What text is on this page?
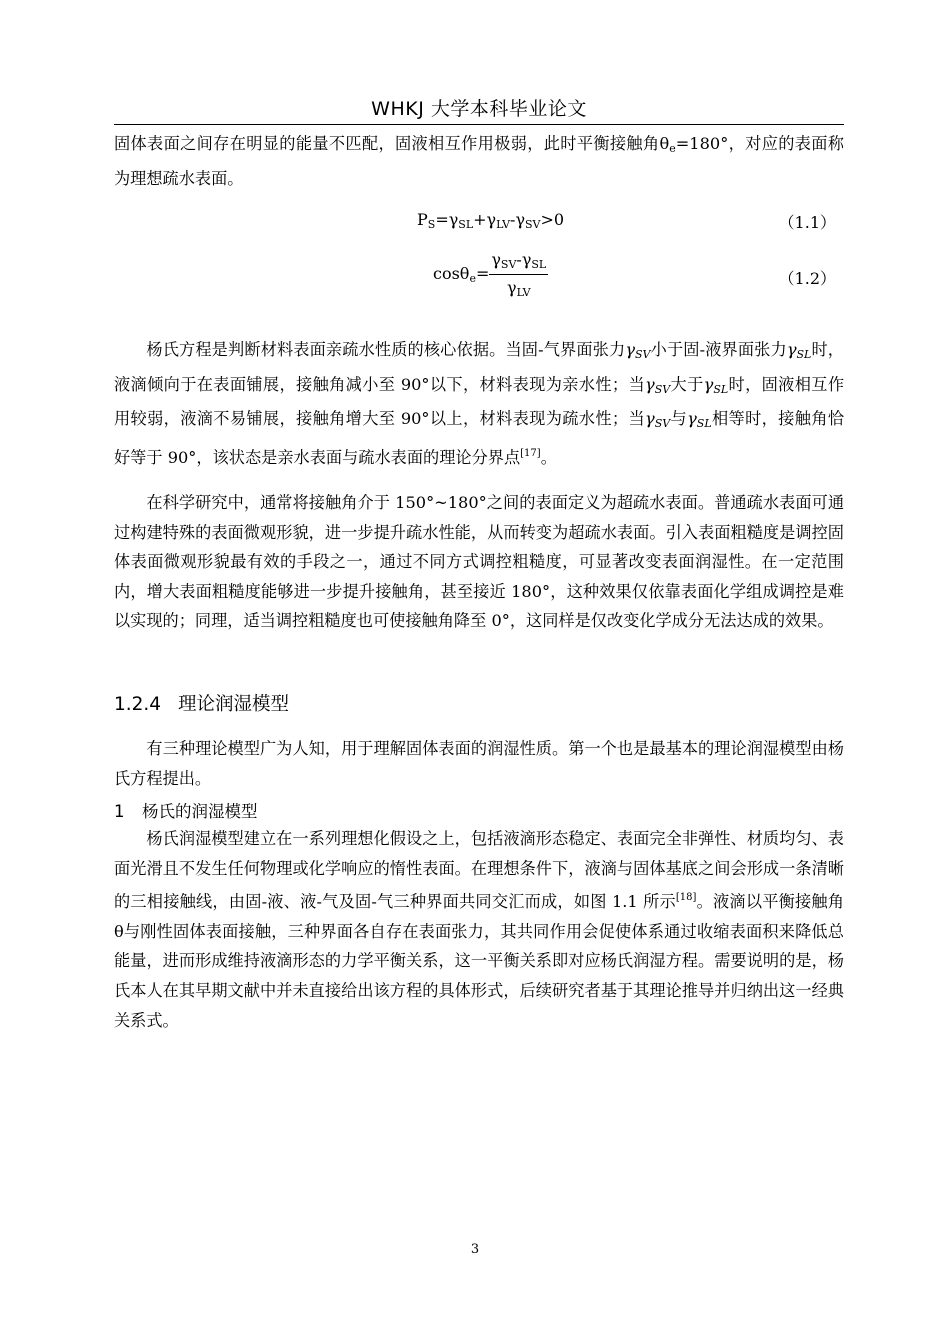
WHKJ 大学本科毕业论文

固体表面之间存在明显的能量不匹配，固液相互作用极弱，此时平衡接触角$\theta_e=180^\circ$，对应的表面称为理想疏水表面。

$P_S=\gamma_{SL}+\gamma_{LV}-\gamma_{SV}>0$	（1.1）
$\cos\theta_e= \frac{\gamma_{SV}-\gamma_{SL}}{\gamma_{LV}}$	（1.2）

杨氏方程是判断材料表面亲疏水性质的核心依据。当固-气界面张力$\gamma_{SV}$小于固-液界面张力$\gamma_{SL}$时，液滴倾向于在表面铺展，接触角减小至 90°以下，材料表现为亲水性；当$\gamma_{SV}$大于$\gamma_{SL}$时，固液相互作用较弱，液滴不易铺展，接触角增大至 90°以上，材料表现为疏水性；当$\gamma_{SV}$与$\gamma_{SL}$相等时，接触角恰好等于 90°，该状态是亲水表面与疏水表面的理论分界点[17]。

在科学研究中，通常将接触角介于 150°~180°之间的表面定义为超疏水表面。普通疏水表面可通过构建特殊的表面微观形貌，进一步提升疏水性能，从而转变为超疏水表面。引入表面粗糙度是调控固体表面微观形貌最有效的手段之一，通过不同方式调控粗糙度，可显著改变表面润湿性。在一定范围内，增大表面粗糙度能够进一步提升接触角，甚至接近 180°，这种效果仅依靠表面化学组成调控是难以实现的；同理，适当调控粗糙度也可使接触角降至 0°，这同样是仅改变化学成分无法达成的效果。

1.2.4 理论润湿模型

有三种理论模型广为人知，用于理解固体表面的润湿性质。第一个也是最基本的理论润湿模型由杨氏方程提出。

1 杨氏的润湿模型

杨氏润湿模型建立在一系列理想化假设之上，包括液滴形态稳定、表面完全非弹性、材质均匀、表面光滑且不发生任何物理或化学响应的惰性表面。在理想条件下，液滴与固体基底之间会形成一条清晰的三相接触线，由固-液、液-气及固-气三种界面共同交汇而成，如图 1.1 所示[18]。液滴以平衡接触角θ与刚性固体表面接触，三种界面各自存在表面张力，其共同作用会促使体系通过收缩表面积来降低总能量，进而形成维持液滴形态的力学平衡关系，这一平衡关系即对应杨氏润湿方程。需要说明的是，杨氏本人在其早期文献中并未直接给出该方程的具体形式，后续研究者基于其理论推导并归纳出这一经典关系式。

3
